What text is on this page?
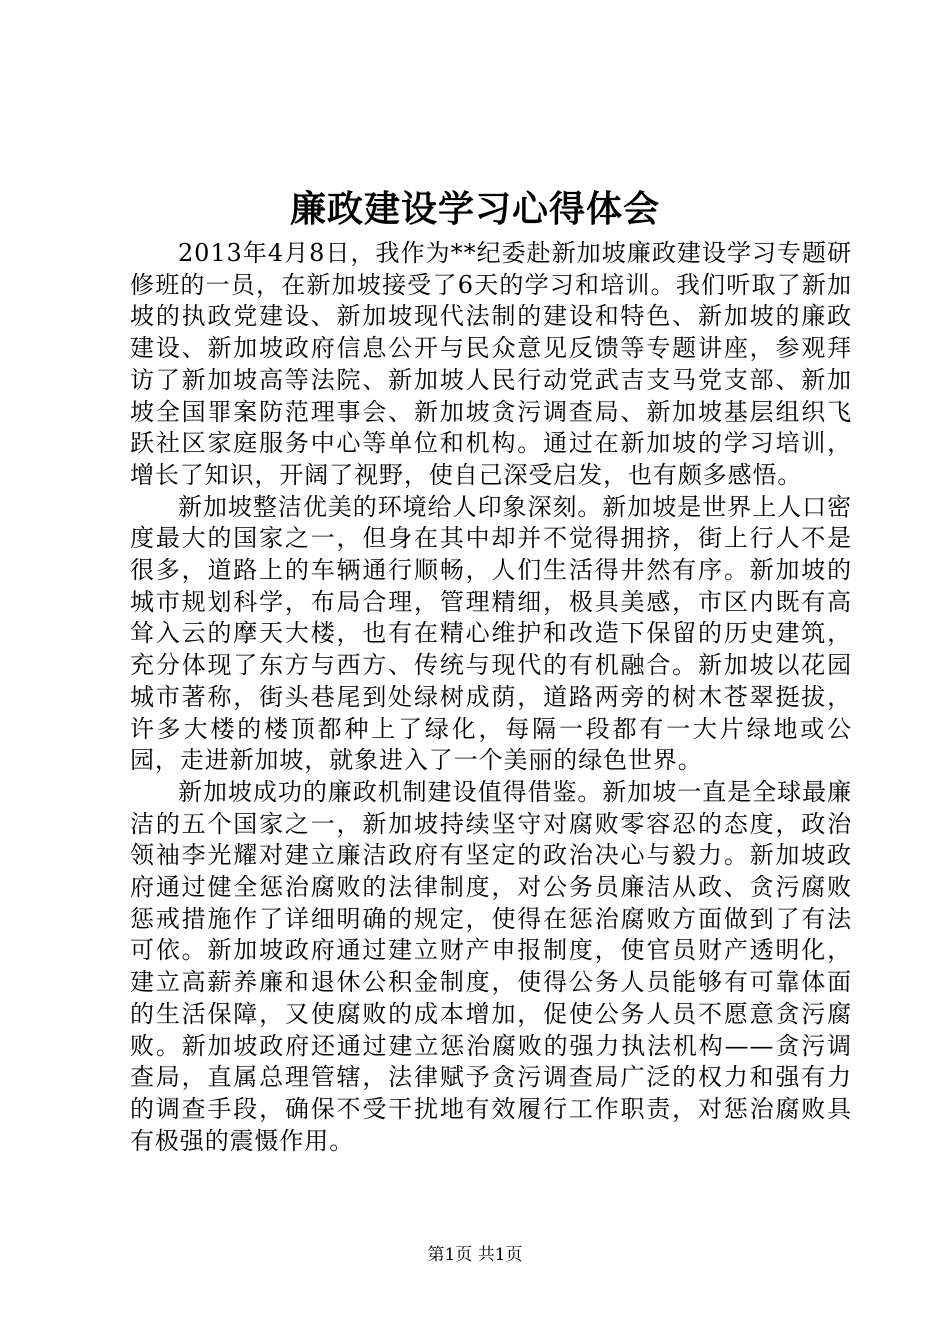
廉政建设学习心得体会

2013年4月8日，我作为**纪委赴新加坡廉政建设学习专题研修班的一员，在新加坡接受了6天的学习和培训。我们听取了新加坡的执政党建设、新加坡现代法制的建设和特色、新加坡的廉政建设、新加坡政府信息公开与民众意见反馈等专题讲座，参观拜访了新加坡高等法院、新加坡人民行动党武吉支马党支部、新加坡全国罪案防范理事会、新加坡贪污调查局、新加坡基层组织飞跃社区家庭服务中心等单位和机构。通过在新加坡的学习培训，增长了知识，开阔了视野，使自己深受启发，也有颇多感悟。

新加坡整洁优美的环境给人印象深刻。新加坡是世界上人口密度最大的国家之一，但身在其中却并不觉得拥挤，街上行人不是很多，道路上的车辆通行顺畅，人们生活得井然有序。新加坡的城市规划科学，布局合理，管理精细，极具美感，市区内既有高耸入云的摩天大楼，也有在精心维护和改造下保留的历史建筑，充分体现了东方与西方、传统与现代的有机融合。新加坡以花园城市著称，街头巷尾到处绿树成荫，道路两旁的树木苍翠挺拔，许多大楼的楼顶都种上了绿化，每隔一段都有一大片绿地或公园，走进新加坡，就象进入了一个美丽的绿色世界。

新加坡成功的廉政机制建设值得借鉴。新加坡一直是全球最廉洁的五个国家之一，新加坡持续坚守对腐败零容忍的态度，政治领袖李光耀对建立廉洁政府有坚定的政治决心与毅力。新加坡政府通过健全惩治腐败的法律制度，对公务员廉洁从政、贪污腐败惩戒措施作了详细明确的规定，使得在惩治腐败方面做到了有法可依。新加坡政府通过建立财产申报制度，使官员财产透明化，建立高薪养廉和退休公积金制度，使得公务人员能够有可靠体面的生活保障，又使腐败的成本增加，促使公务人员不愿意贪污腐败。新加坡政府还通过建立惩治腐败的强力执法机构——贪污调查局，直属总理管辖，法律赋予贪污调查局广泛的权力和强有力的调查手段，确保不受干扰地有效履行工作职责，对惩治腐败具有极强的震慑作用。

第1页 共1页
